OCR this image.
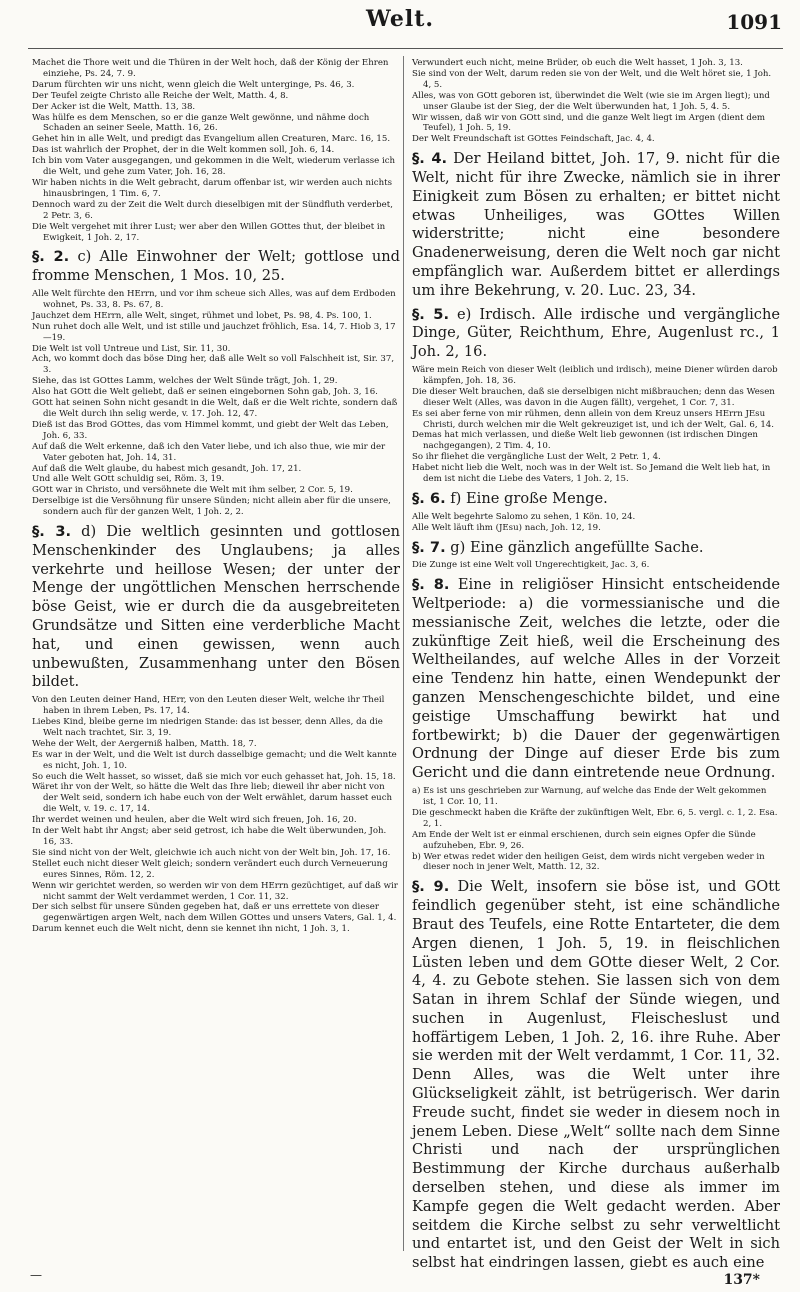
Welt.	1091

Machet die Thore weit und die Thüren in der Welt hoch, daß der König der Ehren einziehe, Ps. 24, 7. 9.

Darum fürchten wir uns nicht, wenn gleich die Welt unterginge, Ps. 46, 3.

Der Teufel zeigte Christo alle Reiche der Welt, Matth. 4, 8.

Der Acker ist die Welt, Matth. 13, 38.

Was hülfe es dem Menschen, so er die ganze Welt gewönne, und nähme doch Schaden an seiner Seele, Matth. 16, 26.

Gehet hin in alle Welt, und predigt das Evangelium allen Creaturen, Marc. 16, 15.

Das ist wahrlich der Prophet, der in die Welt kommen soll, Joh. 6, 14.

Ich bin vom Vater ausgegangen, und gekommen in die Welt, wiederum verlasse ich die Welt, und gehe zum Vater, Joh. 16, 28.

Wir haben nichts in die Welt gebracht, darum offenbar ist, wir werden auch nichts hinausbringen, 1 Tim. 6, 7.

Dennoch ward zu der Zeit die Welt durch dieselbigen mit der Sündfluth verderbet, 2 Petr. 3, 6.

Die Welt vergehet mit ihrer Lust; wer aber den Willen GOttes thut, der bleibet in Ewigkeit, 1 Joh. 2, 17.

§. 2. c) Alle Einwohner der Welt; gottlose und fromme Menschen, 1 Mos. 10, 25.

Alle Welt fürchte den HErrn, und vor ihm scheue sich Alles, was auf dem Erdboden wohnet, Ps. 33, 8. Ps. 67, 8.

Jauchzet dem HErrn, alle Welt, singet, rühmet und lobet, Ps. 98, 4. Ps. 100, 1.

Nun ruhet doch alle Welt, und ist stille und jauchzet fröhlich, Esa. 14, 7. Hiob 3, 17—19.

Die Welt ist voll Untreue und List, Sir. 11, 30.

Ach, wo kommt doch das böse Ding her, daß alle Welt so voll Falschheit ist, Sir. 37, 3.

Siehe, das ist GOttes Lamm, welches der Welt Sünde trägt, Joh. 1, 29.

Also hat GOtt die Welt geliebt, daß er seinen eingebornen Sohn gab, Joh. 3, 16.

GOtt hat seinen Sohn nicht gesandt in die Welt, daß er die Welt richte, sondern daß die Welt durch ihn selig werde, v. 17. Joh. 12, 47.

Dieß ist das Brod GOttes, das vom Himmel kommt, und giebt der Welt das Leben, Joh. 6, 33.

Auf daß die Welt erkenne, daß ich den Vater liebe, und ich also thue, wie mir der Vater geboten hat, Joh. 14, 31.

Auf daß die Welt glaube, du habest mich gesandt, Joh. 17, 21.

Und alle Welt GOtt schuldig sei, Röm. 3, 19.

GOtt war in Christo, und versöhnete die Welt mit ihm selber, 2 Cor. 5, 19.

Derselbige ist die Versöhnung für unsere Sünden; nicht allein aber für die unsere, sondern auch für der ganzen Welt, 1 Joh. 2, 2.

§. 3. d) Die weltlich gesinnten und gottlosen Menschenkinder des Unglaubens; ja alles verkehrte und heillose Wesen; der unter der Menge der ungöttlichen Menschen herrschende böse Geist, wie er durch die da ausgebreiteten Grundsätze und Sitten eine verderbliche Macht hat, und einen gewissen, wenn auch unbewußten, Zusammenhang unter den Bösen bildet.

Von den Leuten deiner Hand, HErr, von den Leuten dieser Welt, welche ihr Theil haben in ihrem Leben, Ps. 17, 14.

Liebes Kind, bleibe gerne im niedrigen Stande: das ist besser, denn Alles, da die Welt nach trachtet, Sir. 3, 19.

Wehe der Welt, der Aergerniß halben, Matth. 18, 7.

Es war in der Welt, und die Welt ist durch dasselbige gemacht; und die Welt kannte es nicht, Joh. 1, 10.

So euch die Welt hasset, so wisset, daß sie mich vor euch gehasset hat, Joh. 15, 18.

Wäret ihr von der Welt, so hätte die Welt das Ihre lieb; dieweil ihr aber nicht von der Welt seid, sondern ich habe euch von der Welt erwählet, darum hasset euch die Welt, v. 19. c. 17, 14.

Ihr werdet weinen und heulen, aber die Welt wird sich freuen, Joh. 16, 20.

In der Welt habt ihr Angst; aber seid getrost, ich habe die Welt überwunden, Joh. 16, 33.

Sie sind nicht von der Welt, gleichwie ich auch nicht von der Welt bin, Joh. 17, 16.

Stellet euch nicht dieser Welt gleich; sondern verändert euch durch Verneuerung eures Sinnes, Röm. 12, 2.

Wenn wir gerichtet werden, so werden wir von dem HErrn gezüchtiget, auf daß wir nicht sammt der Welt verdammet werden, 1 Cor. 11, 32.

Der sich selbst für unsere Sünden gegeben hat, daß er uns errettete von dieser gegenwärtigen argen Welt, nach dem Willen GOttes und unsers Vaters, Gal. 1, 4.

Darum kennet euch die Welt nicht, denn sie kennet ihn nicht, 1 Joh. 3, 1.

Verwundert euch nicht, meine Brüder, ob euch die Welt hasset, 1 Joh. 3, 13.

Sie sind von der Welt, darum reden sie von der Welt, und die Welt höret sie, 1 Joh. 4, 5.

Alles, was von GOtt geboren ist, überwindet die Welt (wie sie im Argen liegt); und unser Glaube ist der Sieg, der die Welt überwunden hat, 1 Joh. 5, 4. 5.

Wir wissen, daß wir von GOtt sind, und die ganze Welt liegt im Argen (dient dem Teufel), 1 Joh. 5, 19.

Der Welt Freundschaft ist GOttes Feindschaft, Jac. 4, 4.

§. 4. Der Heiland bittet, Joh. 17, 9. nicht für die Welt, nicht für ihre Zwecke, nämlich sie in ihrer Einigkeit zum Bösen zu erhalten; er bittet nicht etwas Unheiliges, was GOttes Willen widerstritte; nicht eine besondere Gnadenerweisung, deren die Welt noch gar nicht empfänglich war. Außerdem bittet er allerdings um ihre Bekehrung, v. 20. Luc. 23, 34.

§. 5. e) Irdisch. Alle irdische und vergängliche Dinge, Güter, Reichthum, Ehre, Augenlust rc., 1 Joh. 2, 16.

Wäre mein Reich von dieser Welt (leiblich und irdisch), meine Diener würden darob kämpfen, Joh. 18, 36.

Die dieser Welt brauchen, daß sie derselbigen nicht mißbrauchen; denn das Wesen dieser Welt (Alles, was davon in die Augen fällt), vergehet, 1 Cor. 7, 31.

Es sei aber ferne von mir rühmen, denn allein von dem Kreuz unsers HErrn JEsu Christi, durch welchen mir die Welt gekreuziget ist, und ich der Welt, Gal. 6, 14.

Demas hat mich verlassen, und dieße Welt lieb gewonnen (ist irdischen Dingen nachgegangen), 2 Tim. 4, 10.

So ihr fliehet die vergängliche Lust der Welt, 2 Petr. 1, 4.

Habet nicht lieb die Welt, noch was in der Welt ist. So Jemand die Welt lieb hat, in dem ist nicht die Liebe des Vaters, 1 Joh. 2, 15.

§. 6. f) Eine große Menge.

Alle Welt begehrte Salomo zu sehen, 1 Kön. 10, 24.

Alle Welt läuft ihm (JEsu) nach, Joh. 12, 19.

§. 7. g) Eine gänzlich angefüllte Sache.

Die Zunge ist eine Welt voll Ungerechtigkeit, Jac. 3, 6.

§. 8. Eine in religiöser Hinsicht entscheidende Weltperiode: a) die vormessianische und die messianische Zeit, welches die letzte, oder die zukünftige Zeit hieß, weil die Erscheinung des Weltheilandes, auf welche Alles in der Vorzeit eine Tendenz hin hatte, einen Wendepunkt der ganzen Menschengeschichte bildet, und eine geistige Umschaffung bewirkt hat und fortbewirkt; b) die Dauer der gegenwärtigen Ordnung der Dinge auf dieser Erde bis zum Gericht und die dann eintretende neue Ordnung.

a) Es ist uns geschrieben zur Warnung, auf welche das Ende der Welt gekommen ist, 1 Cor. 10, 11.

Die geschmeckt haben die Kräfte der zukünftigen Welt, Ebr. 6, 5. vergl. c. 1, 2. Esa. 2, 1.

Am Ende der Welt ist er einmal erschienen, durch sein eignes Opfer die Sünde aufzuheben, Ebr. 9, 26.

b) Wer etwas redet wider den heiligen Geist, dem wirds nicht vergeben weder in dieser noch in jener Welt, Matth. 12, 32.

§. 9. Die Welt, insofern sie böse ist, und GOtt feindlich gegenüber steht, ist eine schändliche Braut des Teufels, eine Rotte Entarteter, die dem Argen dienen, 1 Joh. 5, 19. in fleischlichen Lüsten leben und dem GOtte dieser Welt, 2 Cor. 4, 4. zu Gebote stehen. Sie lassen sich von dem Satan in ihrem Schlaf der Sünde wiegen, und suchen in Augenlust, Fleischeslust und hoffärtigem Leben, 1 Joh. 2, 16. ihre Ruhe. Aber sie werden mit der Welt verdammt, 1 Cor. 11, 32. Denn Alles, was die Welt unter ihre Glückseligkeit zählt, ist betrügerisch. Wer darin Freude sucht, findet sie weder in diesem noch in jenem Leben. Diese „Welt“ sollte nach dem Sinne Christi und nach der ursprünglichen Bestimmung der Kirche durchaus außerhalb derselben stehen, und diese als immer im Kampfe gegen die Welt gedacht werden. Aber seitdem die Kirche selbst zu sehr verweltlicht und entartet ist, und den Geist der Welt in sich selbst hat eindringen lassen, giebt es auch eine

—	137*
